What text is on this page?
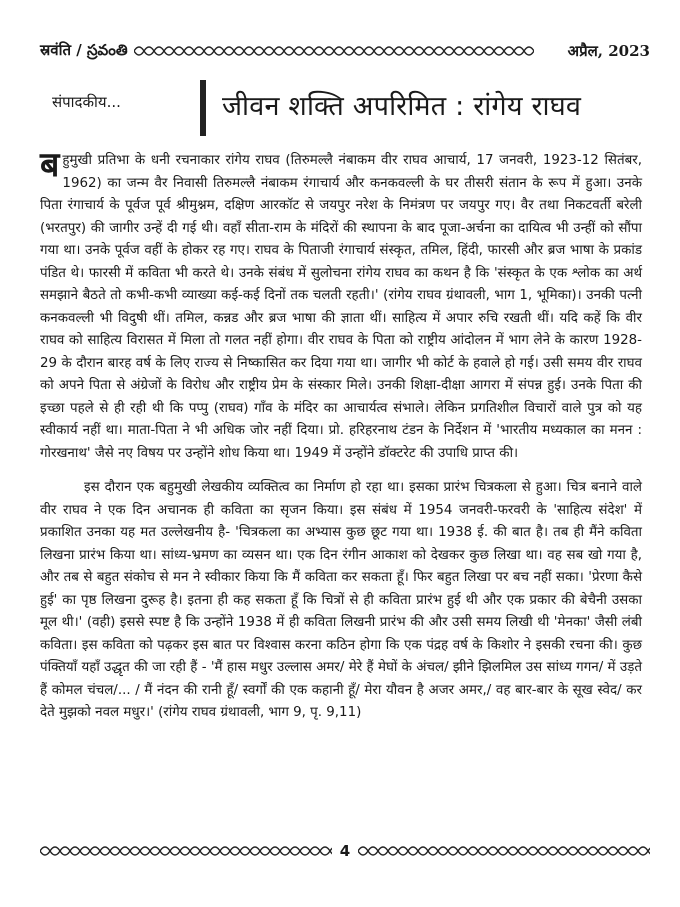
स्रवंति / స్రవంతి	अप्रैल, 2023
संपादकीय...	जीवन शक्ति अपरिमित : रांगेय राघव

बहुमुखी प्रतिभा के धनी रचनाकार रांगेय राघव (तिरुमल्लै नंबाकम वीर राघव आचार्य, 17 जनवरी, 1923-12 सितंबर, 1962) का जन्म वैर निवासी तिरुमल्लै नंबाकम रंगाचार्य और कनकवल्ली के घर तीसरी संतान के रूप में हुआ। उनके पिता रंगाचार्य के पूर्वज पूर्व श्रीमुश्नम, दक्षिण आरकॉट से जयपुर नरेश के निमंत्रण पर जयपुर गए। वैर तथा निकटवर्ती बरेली (भरतपुर) की जागीर उन्हें दी गई थी। वहाँ सीता-राम के मंदिरों की स्थापना के बाद पूजा-अर्चना का दायित्व भी उन्हीं को सौंपा गया था। उनके पूर्वज वहीं के होकर रह गए। राघव के पिताजी रंगाचार्य संस्कृत, तमिल, हिंदी, फारसी और ब्रज भाषा के प्रकांड पंडित थे। फारसी में कविता भी करते थे। उनके संबंध में सुलोचना रांगेय राघव का कथन है कि 'संस्कृत के एक श्लोक का अर्थ समझाने बैठते तो कभी-कभी व्याख्या कई-कई दिनों तक चलती रहती।' (रांगेय राघव ग्रंथावली, भाग 1, भूमिका)। उनकी पत्नी कनकवल्ली भी विदुषी थीं। तमिल, कन्नड और ब्रज भाषा की ज्ञाता थीं। साहित्य में अपार रुचि रखती थीं। यदि कहें कि वीर राघव को साहित्य विरासत में मिला तो गलत नहीं होगा। वीर राघव के पिता को राष्ट्रीय आंदोलन में भाग लेने के कारण 1928-29 के दौरान बारह वर्ष के लिए राज्य से निष्कासित कर दिया गया था। जागीर भी कोर्ट के हवाले हो गई। उसी समय वीर राघव को अपने पिता से अंग्रेजों के विरोध और राष्ट्रीय प्रेम के संस्कार मिले। उनकी शिक्षा-दीक्षा आगरा में संपन्न हुई। उनके पिता की इच्छा पहले से ही रही थी कि पप्पु (राघव) गाँव के मंदिर का आचार्यत्व संभाले। लेकिन प्रगतिशील विचारों वाले पुत्र को यह स्वीकार्य नहीं था। माता-पिता ने भी अधिक जोर नहीं दिया। प्रो. हरिहरनाथ टंडन के निर्देशन में 'भारतीय मध्यकाल का मनन : गोरखनाथ' जैसे नए विषय पर उन्होंने शोध किया था। 1949 में उन्होंने डॉक्टरेट की उपाधि प्राप्त की।

इस दौरान एक बहुमुखी लेखकीय व्यक्तित्व का निर्माण हो रहा था। इसका प्रारंभ चित्रकला से हुआ। चित्र बनाने वाले वीर राघव ने एक दिन अचानक ही कविता का सृजन किया। इस संबंध में 1954 जनवरी-फरवरी के 'साहित्य संदेश' में प्रकाशित उनका यह मत उल्लेखनीय है- 'चित्रकला का अभ्यास कुछ छूट गया था। 1938 ई. की बात है। तब ही मैंने कविता लिखना प्रारंभ किया था। सांध्य-भ्रमण का व्यसन था। एक दिन रंगीन आकाश को देखकर कुछ लिखा था। वह सब खो गया है, और तब से बहुत संकोच से मन ने स्वीकार किया कि मैं कविता कर सकता हूँ। फिर बहुत लिखा पर बच नहीं सका। 'प्रेरणा कैसे हुई' का पृष्ठ लिखना दुरूह है। इतना ही कह सकता हूँ कि चित्रों से ही कविता प्रारंभ हुई थी और एक प्रकार की बेचैनी उसका मूल थी।' (वही) इससे स्पष्ट है कि उन्होंने 1938 में ही कविता लिखनी प्रारंभ की और उसी समय लिखी थी 'मेनका' जैसी लंबी कविता। इस कविता को पढ़कर इस बात पर विश्वास करना कठिन होगा कि एक पंद्रह वर्ष के किशोर ने इसकी रचना की। कुछ पंक्तियाँ यहाँ उद्धृत की जा रही हैं - 'मैं हास मधुर उल्लास अमर/ मेरे हैं मेघों के अंचल/ झीने झिलमिल उस सांध्य गगन/ में उड़ते हैं कोमल चंचल/... / मैं नंदन की रानी हूँ/ स्वर्गों की एक कहानी हूँ/ मेरा यौवन है अजर अमर,/ वह बार-बार के सूख स्वेद/ कर देते मुझको नवल मधुर।' (रांगेय राघव ग्रंथावली, भाग 9, पृ. 9,11)

4
